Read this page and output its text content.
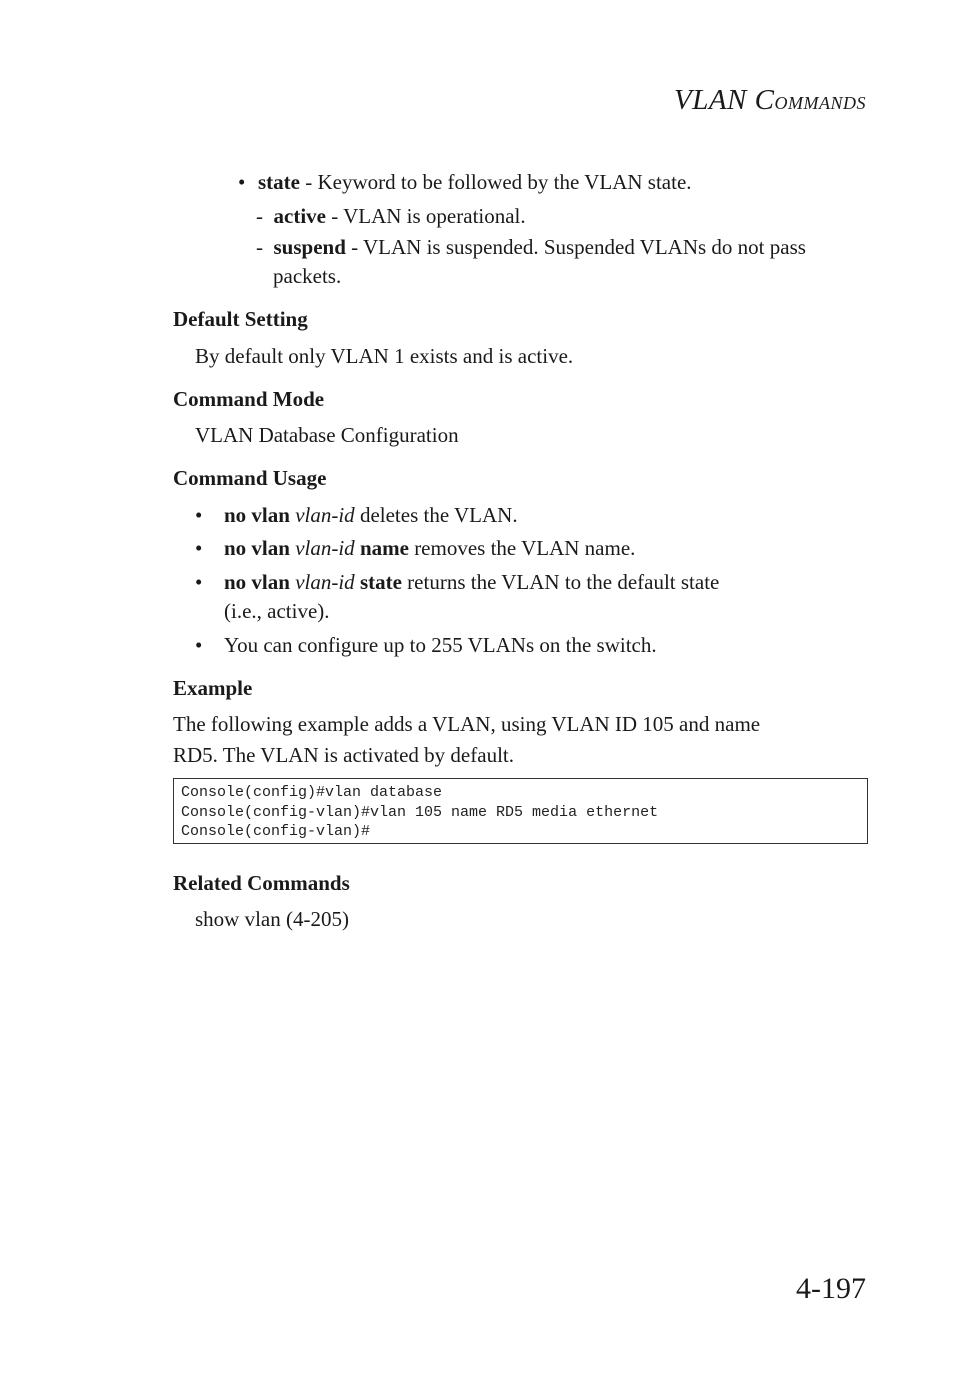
VLAN COMMANDS
• state - Keyword to be followed by the VLAN state.
- active - VLAN is operational.
- suspend - VLAN is suspended. Suspended VLANs do not pass
packets.
Default Setting
By default only VLAN 1 exists and is active.
Command Mode
VLAN Database Configuration
Command Usage
• no vlan vlan-id deletes the VLAN.
• no vlan vlan-id name removes the VLAN name.
• no vlan vlan-id state returns the VLAN to the default state
(i.e., active).
• You can configure up to 255 VLANs on the switch.
Example
The following example adds a VLAN, using VLAN ID 105 and name
RD5. The VLAN is activated by default.
Console(config)#vlan database
Console(config-vlan)#vlan 105 name RD5 media ethernet
Console(config-vlan)#
Related Commands
show vlan (4-205)
4-197
